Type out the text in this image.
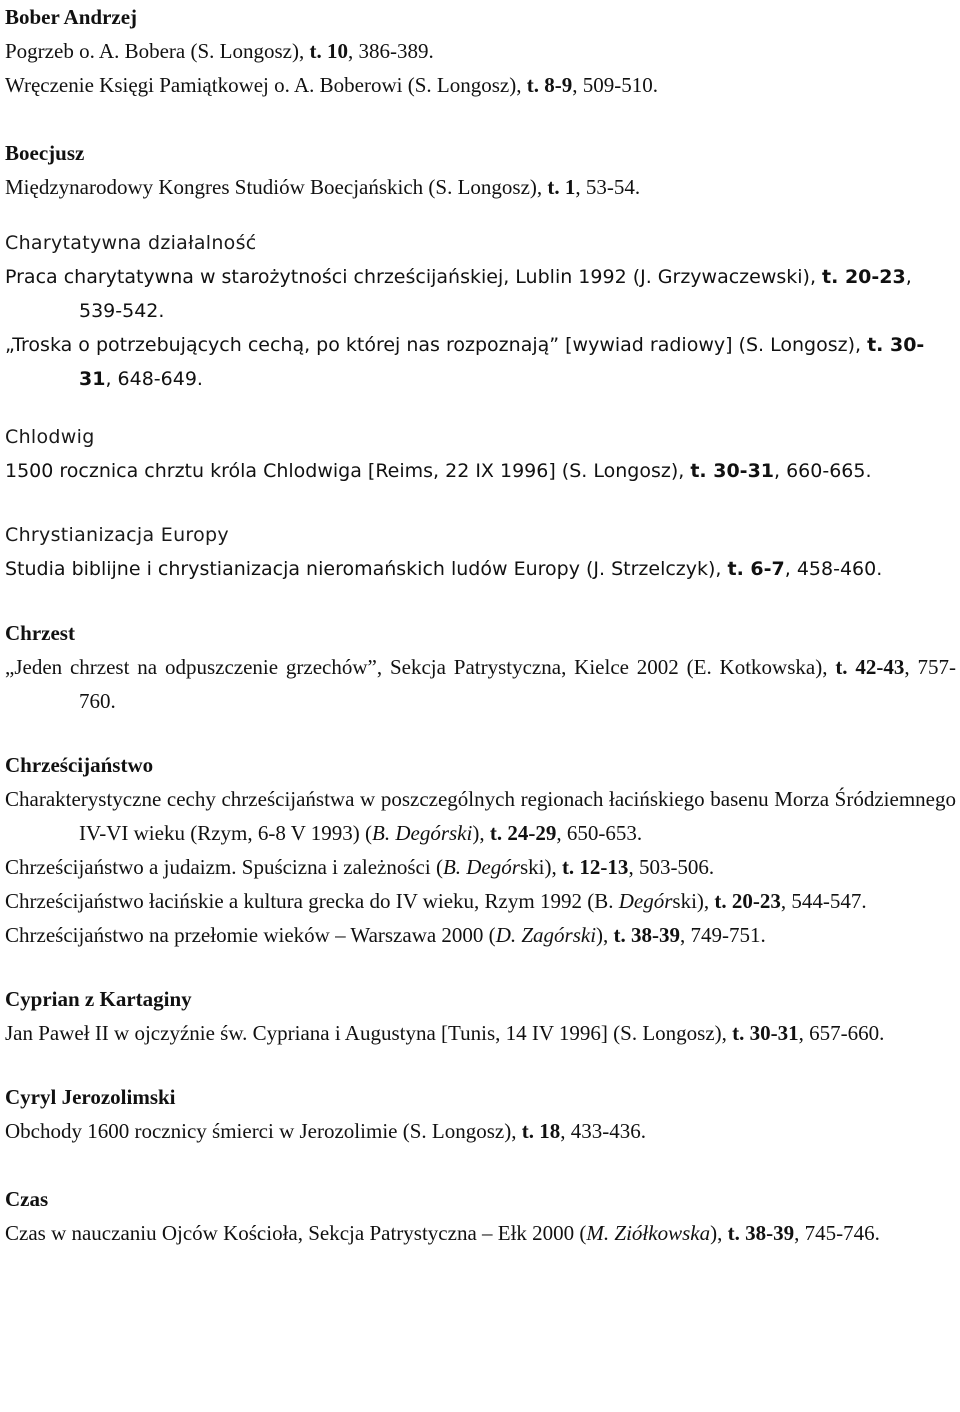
Bober Andrzej
Pogrzeb o. A. Bobera (S. Longosz), t. 10, 386-389.
Wręczenie Księgi Pamiątkowej o. A. Boberowi (S. Longosz), t. 8-9, 509-510.
Boecjusz
Międzynarodowy Kongres Studiów Boecjańskich (S. Longosz), t. 1, 53-54.
Charytatywna działalność
Praca charytatywna w starożytności chrześcijańskiej, Lublin 1992 (J. Grzywaczewski), t. 20-23, 539-542.
„Troska o potrzebujących cechą, po której nas rozpoznają” [wywiad radiowy] (S. Longosz), t. 30-31, 648-649.
Chlodwig
1500 rocznica chrztu króla Chlodwiga [Reims, 22 IX 1996] (S. Longosz), t. 30-31, 660-665.
Chrystianizacja Europy
Studia biblijne i chrystianizacja nieromańskich ludów Europy (J. Strzelczyk), t. 6-7, 458-460.
Chrzest
„Jeden chrzest na odpuszczenie grzechów”, Sekcja Patrystyczna, Kielce 2002 (E. Kotkowska), t. 42-43, 757-760.
Chrześcijaństwo
Charakterystyczne cechy chrześcijaństwa w poszczególnych regionach łacińskiego basenu Morza Śródziemnego IV-VI wieku (Rzym, 6-8 V 1993) (B. Degórski), t. 24-29, 650-653.
Chrześcijaństwo a judaizm. Spuścizna i zależności (B. Degórski), t. 12-13, 503-506.
Chrześcijaństwo łacińskie a kultura grecka do IV wieku, Rzym 1992 (B. Degórski), t. 20-23, 544-547.
Chrześcijaństwo na przełomie wieków – Warszawa 2000 (D. Zagórski), t. 38-39, 749-751.
Cyprian z Kartaginy
Jan Paweł II w ojczyźnie św. Cypriana i Augustyna [Tunis, 14 IV 1996] (S. Longosz), t. 30-31, 657-660.
Cyryl Jerozolimski
Obchody 1600 rocznicy śmierci w Jerozolimie (S. Longosz), t. 18, 433-436.
Czas
Czas w nauczaniu Ojców Kościoła, Sekcja Patrystyczna – Ełk 2000 (M. Ziółkowska), t. 38-39, 745-746.
